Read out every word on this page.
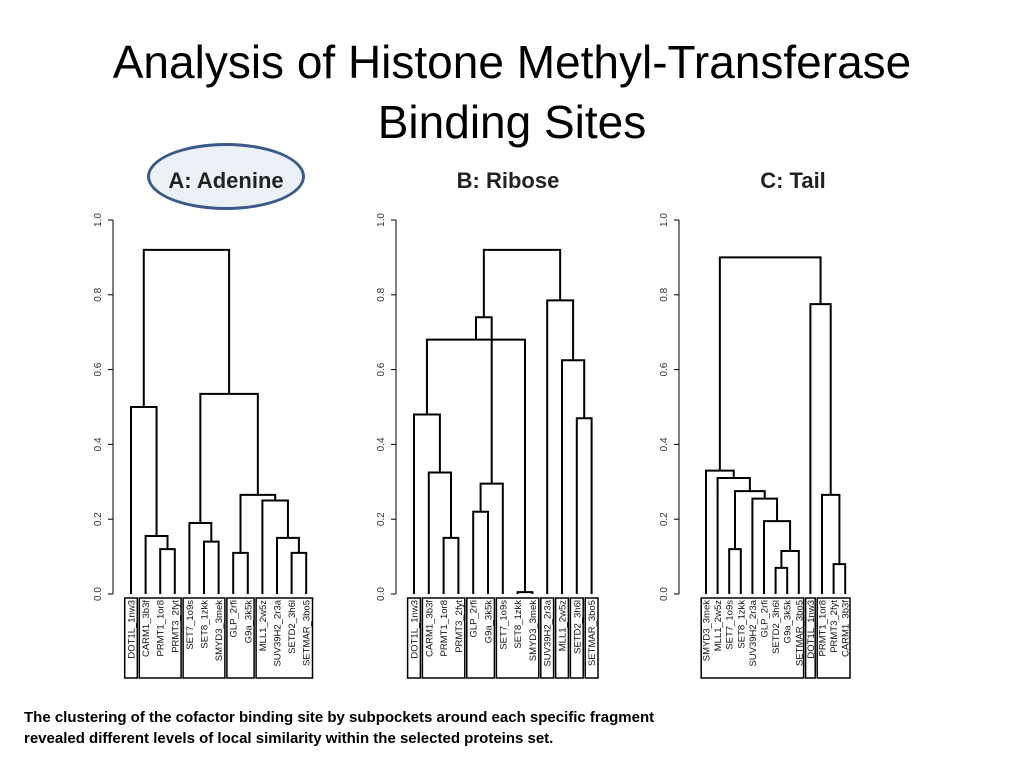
Analysis of Histone Methyl-Transferase
Binding Sites
A: Adenine	B: Ribose	C: Tail
0.0
0.2
0.4
0.6
0.8
1.0
DOT1L_1nw3 CARM1_3b3f PRMT1_1or8 PRMT3_2fyt SET7_1o9s SET8_1zkk SMYD3_3mek GLP_2rfi G9a_3k5k MLL1_2w5z SUV39H2_2r3a SETD2_3h6l SETMAR_3bo5
0.0
0.2
0.4
0.6
0.8
1.0
DOT1L_1nw3 CARM1_3b3f PRMT1_1or8 PRMT3_2fyt GLP_2rfi G9a_3k5k SET7_1o9s SET8_1zkk SMYD3_3mek SUV39H2_2r3a MLL1_2w5z SETD2_3h6l SETMAR_3bo5
0.0
0.2
0.4
0.6
0.8
1.0
SMYD3_3mek MLL1_2w5z SET7_1o9s SET8_1zkk SUV39H2_2r3a GLP_2rfi SETD2_3h6l G9a_3k5k SETMAR_3bo5 DOT1L_1nw3 PRMT1_1or8 PRMT3_2fyt CARM1_3b3f
The clustering of the cofactor binding site by subpockets around each specific fragment
revealed different levels of local similarity within the selected proteins set.
